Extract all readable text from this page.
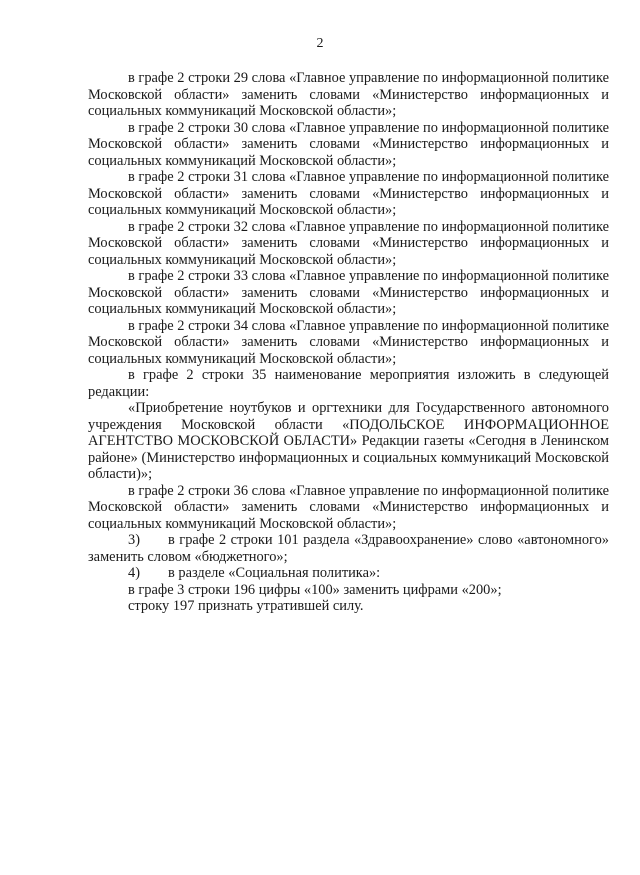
2

в графе 2 строки 29 слова «Главное управление по информационной политике Московской области» заменить словами «Министерство информационных и социальных коммуникаций Московской области»;

в графе 2 строки 30 слова «Главное управление по информационной политике Московской области» заменить словами «Министерство информационных и социальных коммуникаций Московской области»;

в графе 2 строки 31 слова «Главное управление по информационной политике Московской области» заменить словами «Министерство информационных и социальных коммуникаций Московской области»;

в графе 2 строки 32 слова «Главное управление по информационной политике Московской области» заменить словами «Министерство информационных и социальных коммуникаций Московской области»;

в графе 2 строки 33 слова «Главное управление по информационной политике Московской области» заменить словами «Министерство информационных и социальных коммуникаций Московской области»;

в графе 2 строки 34 слова «Главное управление по информационной политике Московской области» заменить словами «Министерство информационных и социальных коммуникаций Московской области»;

в графе 2 строки 35 наименование мероприятия изложить в следующей редакции:

«Приобретение ноутбуков и оргтехники для Государственного автономного учреждения Московской области «ПОДОЛЬСКОЕ ИНФОРМАЦИОННОЕ АГЕНТСТВО МОСКОВСКОЙ ОБЛАСТИ» Редакции газеты «Сегодня в Ленинском районе» (Министерство информационных и социальных коммуникаций Московской области)»;

в графе 2 строки 36 слова «Главное управление по информационной политике Московской области» заменить словами «Министерство информационных и социальных коммуникаций Московской области»;

3) в графе 2 строки 101 раздела «Здравоохранение» слово «автономного» заменить словом «бюджетного»;

4) в разделе «Социальная политика»:

в графе 3 строки 196 цифры «100» заменить цифрами «200»;

строку 197 признать утратившей силу.
